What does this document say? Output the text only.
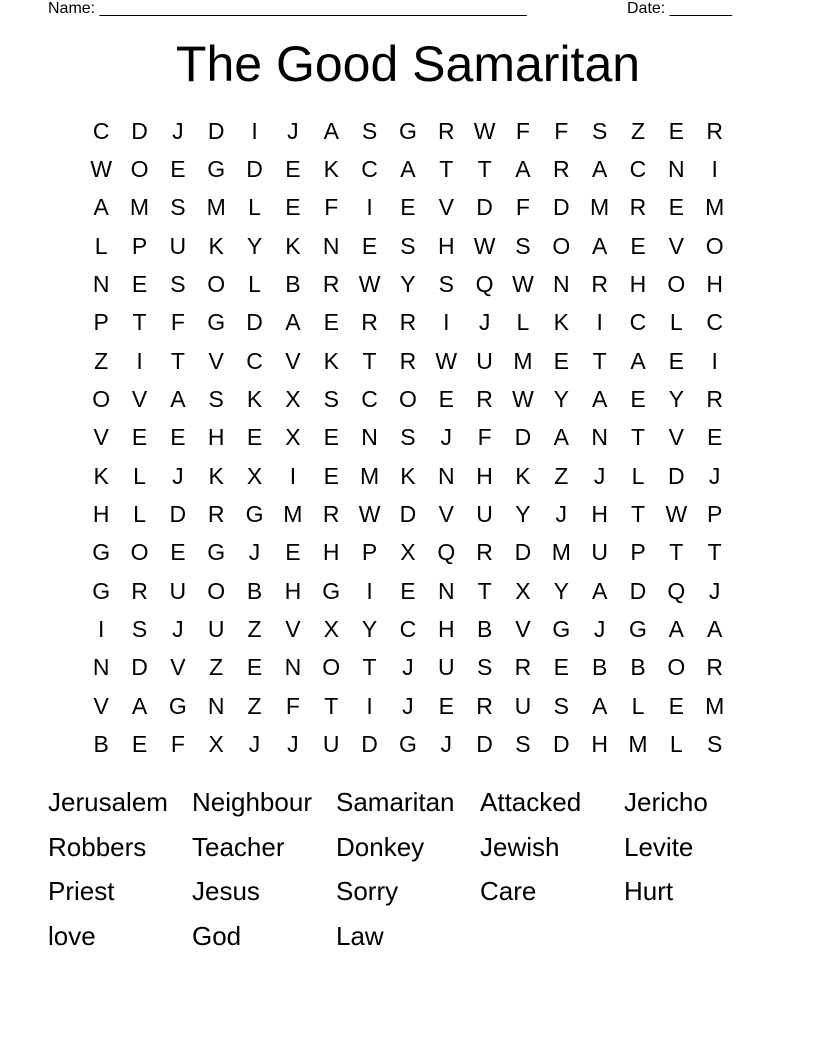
Name: ________________________________________________	Date: _______
The Good Samaritan
C D	J	D	I	J	A	S G R W F	F	S	Z	E R
W O E G D E	K C A	T	T	A R A C N	I
A M S M L	E	F	I	E	V D	F	D M R E M
L	P U K	Y	K N E	S H W S O A	E	V O
N E	S O	L	B R W Y	S Q W N R H O H
P	T	F G D A	E R R	I	J	L	K	I	C	L	C
Z	I	T	V C V	K	T	R W U M E	T	A	E	I
O V	A	S	K	X	S C O E R W Y	A	E	Y R
V	E	E H E	X	E N S	J	F	D A N	T	V	E
K	L	J	K	X	I	E M K N H K	Z	J	L	D	J
H	L	D R G M R W D V U Y	J	H	T W P
G O E G	J	E H P	X Q R D M U P	T	T
G R U O B H G	I	E N	T	X	Y	A D Q	J
I	S	J	U	Z	V	X	Y C H B	V G	J	G A	A
N D V	Z	E N O T	J	U S R E	B	B O R
V	A G N	Z	F	T	I	J	E R U S	A	L	E M
B	E	F	X	J	J	U D G	J	D S D H M L	S
Jerusalem Neighbour Samaritan Attacked	Jericho
Robbers	Teacher	Donkey	Jewish	Levite
Priest	Jesus	Sorry	Care	Hurt
love	God	Law
